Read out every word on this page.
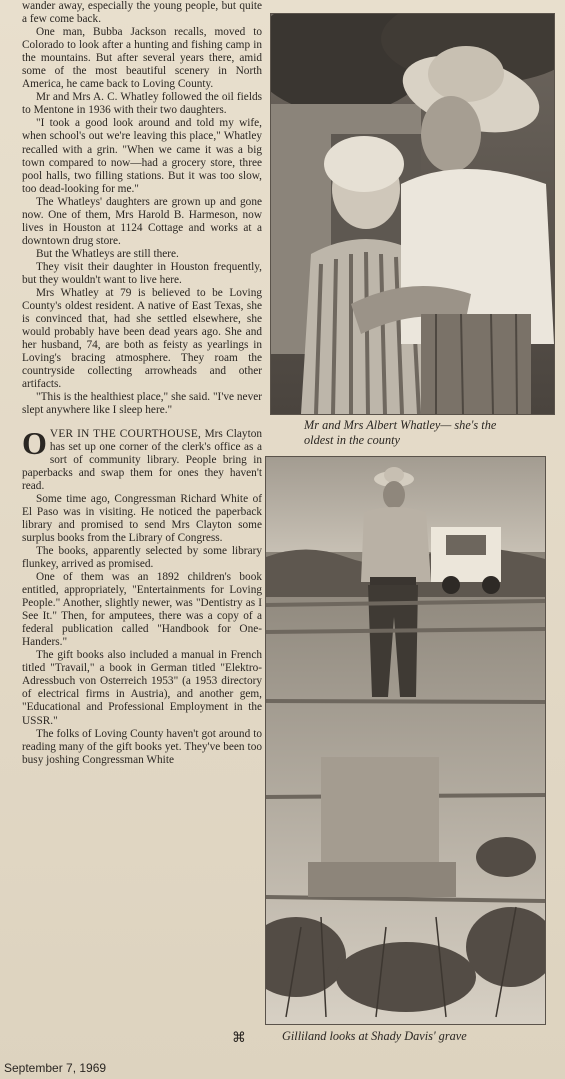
wander away, especially the young people, but quite a few come back.

One man, Bubba Jackson recalls, moved to Colorado to look after a hunting and fishing camp in the mountains. But after several years there, amid some of the most beautiful scenery in North America, he came back to Loving County.

Mr and Mrs A. C. Whatley followed the oil fields to Mentone in 1936 with their two daughters.

"I took a good look around and told my wife, when school's out we're leaving this place," Whatley recalled with a grin. "When we came it was a big town compared to now—had a grocery store, three pool halls, two filling stations. But it was too slow, too dead-looking for me."

The Whatleys' daughters are grown up and gone now. One of them, Mrs Harold B. Harmeson, now lives in Houston at 1124 Cottage and works at a downtown drug store.

But the Whatleys are still there.

They visit their daughter in Houston frequently, but they wouldn't want to live here.

Mrs Whatley at 79 is believed to be Loving County's oldest resident. A native of East Texas, she is convinced that, had she settled elsewhere, she would probably have been dead years ago. She and her husband, 74, are both as feisty as yearlings in Loving's bracing atmosphere. They roam the countryside collecting arrowheads and other artifacts.

"This is the healthiest place," she said. "I've never slept anywhere like I sleep here."

OVER IN THE COURTHOUSE, Mrs Clayton has set up one corner of the clerk's office as a sort of community library. People bring in paperbacks and swap them for ones they haven't read.

Some time ago, Congressman Richard White of El Paso was in visiting. He noticed the paperback library and promised to send Mrs Clayton some surplus books from the Library of Congress.

The books, apparently selected by some library flunkey, arrived as promised.

One of them was an 1892 children's book entitled, appropriately, "Entertainments for Loving People." Another, slightly newer, was "Dentistry as I See It." Then, for amputees, there was a copy of a federal publication called "Handbook for One-Handers."

The gift books also included a manual in French titled "Travail," a book in German titled "Elektro-Adressbuch von Osterreich 1953" (a 1953 directory of electrical firms in Austria), and another gem, "Educational and Professional Employment in the USSR."

The folks of Loving County haven't got around to reading many of the gift books yet. They've been too busy joshing Congressman White

⌘
Mr and Mrs Albert Whatley— she's the oldest in the county
Gilliland looks at Shady Davis' grave
September 7, 1969
